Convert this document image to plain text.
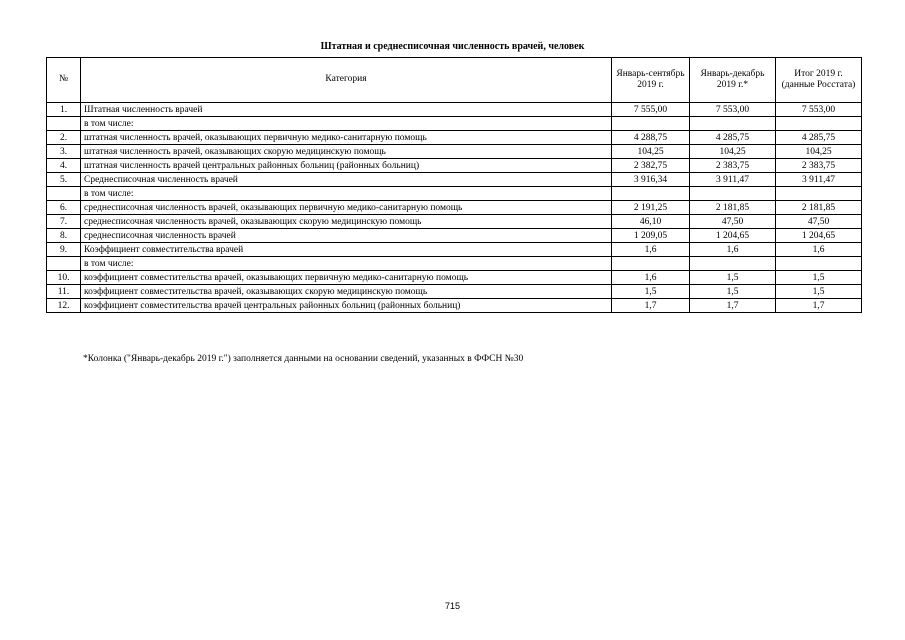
Штатная и среднесписочная численность врачей, человек
№	Категория	Январь-сентябрь 2019 г.	Январь-декабрь 2019 г.*	Итог 2019 г. (данные Росстата)
1.	Штатная численность врачей	7 555,00	7 553,00	7 553,00
	в том числе:			
2.	штатная численность врачей, оказывающих первичную медико-санитарную помощь	4 288,75	4 285,75	4 285,75
3.	штатная численность врачей, оказывающих скорую медицинскую помощь	104,25	104,25	104,25
4.	штатная численность врачей центральных районных больниц (районных больниц)	2 382,75	2 383,75	2 383,75
5.	Среднесписочная численность врачей	3 916,34	3 911,47	3 911,47
	в том числе:			
6.	среднесписочная численность врачей, оказывающих первичную медико-санитарную помощь	2 191,25	2 181,85	2 181,85
7.	среднесписочная численность врачей, оказывающих скорую медицинскую помощь	46,10	47,50	47,50
8.	среднесписочная численность врачей	1 209,05	1 204,65	1 204,65
9.	Коэффициент совместительства врачей	1,6	1,6	1,6
	в том числе:			
10.	коэффициент совместительства врачей, оказывающих первичную медико-санитарную помощь	1,6	1,5	1,5
11.	коэффициент совместительства врачей, оказывающих скорую медицинскую помощь	1,5	1,5	1,5
12.	коэффициент совместительства врачей центральных районных больниц (районных больниц)	1,7	1,7	1,7
*Колонка ("Январь-декабрь 2019 г.") заполняется данными на основании сведений, указанных в ФФСН №30
715
